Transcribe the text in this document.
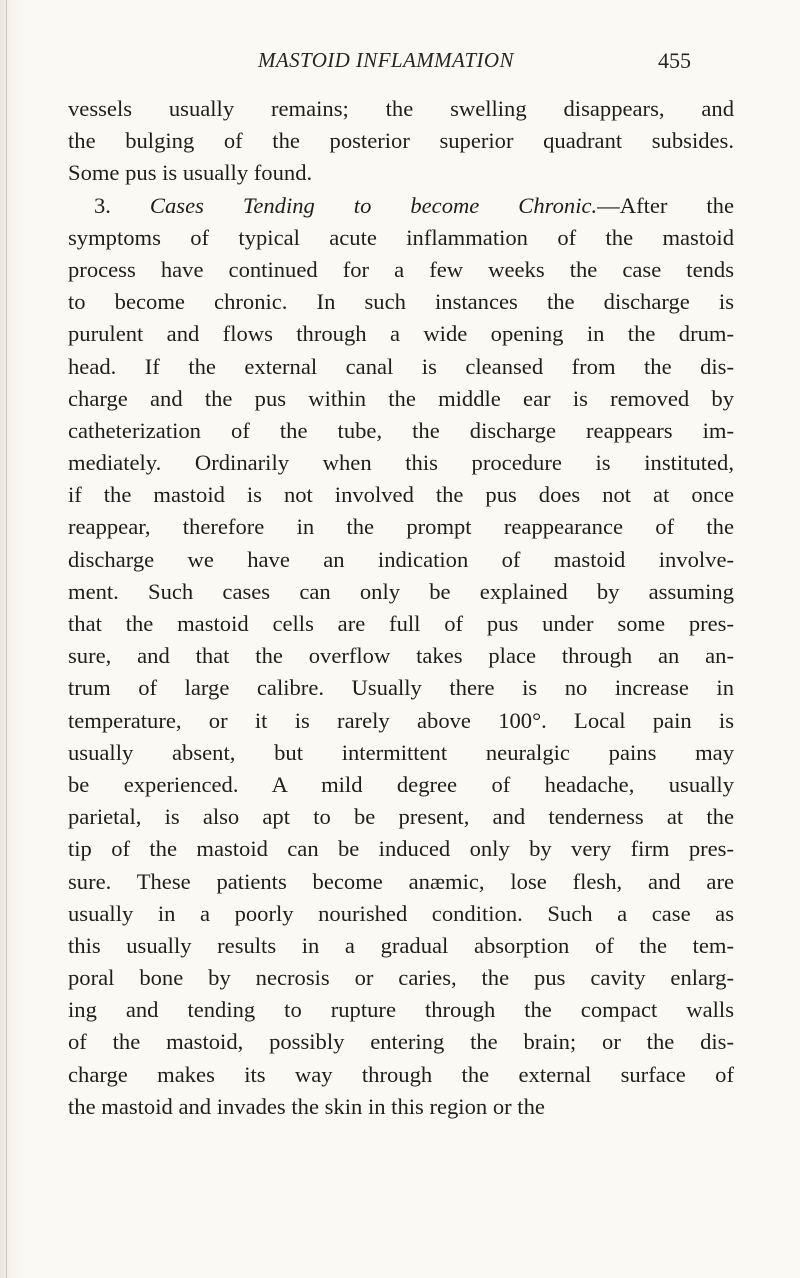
MASTOID INFLAMMATION	455
vessels usually remains; the swelling disappears, and
the bulging of the posterior superior quadrant subsides.
Some pus is usually found.
3. Cases Tending to become Chronic.—After the
symptoms of typical acute inflammation of the mastoid
process have continued for a few weeks the case tends
to become chronic. In such instances the discharge is
purulent and flows through a wide opening in the drum-
head. If the external canal is cleansed from the dis-
charge and the pus within the middle ear is removed by
catheterization of the tube, the discharge reappears im-
mediately. Ordinarily when this procedure is instituted,
if the mastoid is not involved the pus does not at once
reappear, therefore in the prompt reappearance of the
discharge we have an indication of mastoid involve-
ment. Such cases can only be explained by assuming
that the mastoid cells are full of pus under some pres-
sure, and that the overflow takes place through an an-
trum of large calibre. Usually there is no increase in
temperature, or it is rarely above 100°. Local pain is
usually absent, but intermittent neuralgic pains may
be experienced. A mild degree of headache, usually
parietal, is also apt to be present, and tenderness at the
tip of the mastoid can be induced only by very firm pres-
sure. These patients become anæmic, lose flesh, and are
usually in a poorly nourished condition. Such a case as
this usually results in a gradual absorption of the tem-
poral bone by necrosis or caries, the pus cavity enlarg-
ing and tending to rupture through the compact walls
of the mastoid, possibly entering the brain; or the dis-
charge makes its way through the external surface of
the mastoid and invades the skin in this region or the
